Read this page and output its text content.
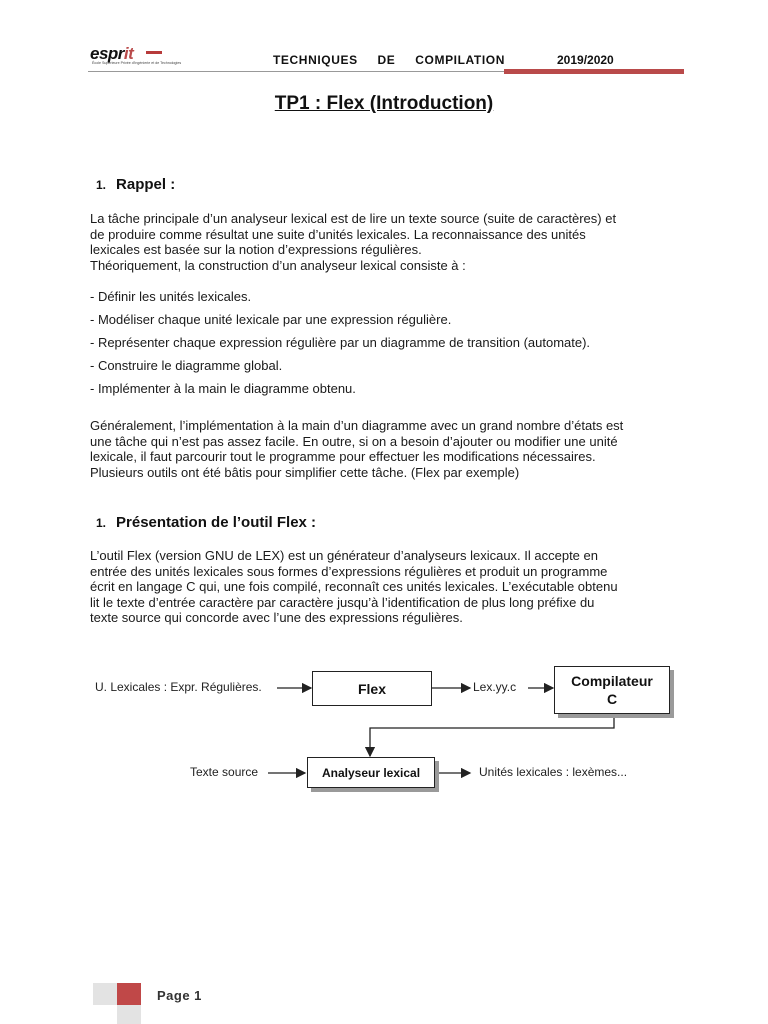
esprit
École Supérieure Privée d'Ingénierie et de Technologies	TECHNIQUES  DE  COMPILATION	2019/2020
TP1 : Flex (Introduction)
1. Rappel :
La tâche principale d’un analyseur lexical est de lire un texte source (suite de caractères) et
de produire comme résultat une suite d’unités lexicales. La reconnaissance des unités
lexicales est basée sur la notion d’expressions régulières.
Théoriquement, la construction d’un analyseur lexical consiste à :
- Définir les unités lexicales.
- Modéliser chaque unité lexicale par une expression régulière.
- Représenter chaque expression régulière par un diagramme de transition (automate).
- Construire le diagramme global.
- Implémenter à la main le diagramme obtenu.
Généralement, l’implémentation à la main d’un diagramme avec un grand nombre d’états est
une tâche qui n’est pas assez facile. En outre, si on a besoin d’ajouter ou modifier une unité
lexicale, il faut parcourir tout le programme pour effectuer les modifications nécessaires.
Plusieurs outils ont été bâtis pour simplifier cette tâche. (Flex par exemple)
1. Présentation de l’outil Flex :
L’outil Flex (version GNU de LEX) est un générateur d’analyseurs lexicaux. Il accepte en
entrée des unités lexicales sous formes d’expressions régulières et produit un programme
écrit en langage C qui, une fois compilé, reconnaît ces unités lexicales. L’exécutable obtenu
lit le texte d’entrée caractère par caractère jusqu’à l’identification de plus long préfixe du
texte source qui concorde avec l’une des expressions régulières.
U. Lexicales : Expr. Régulières.	Flex	Lex.yy.c	Compilateur
C
Texte source	Analyseur lexical	Unités lexicales : lexèmes...
Page 1
